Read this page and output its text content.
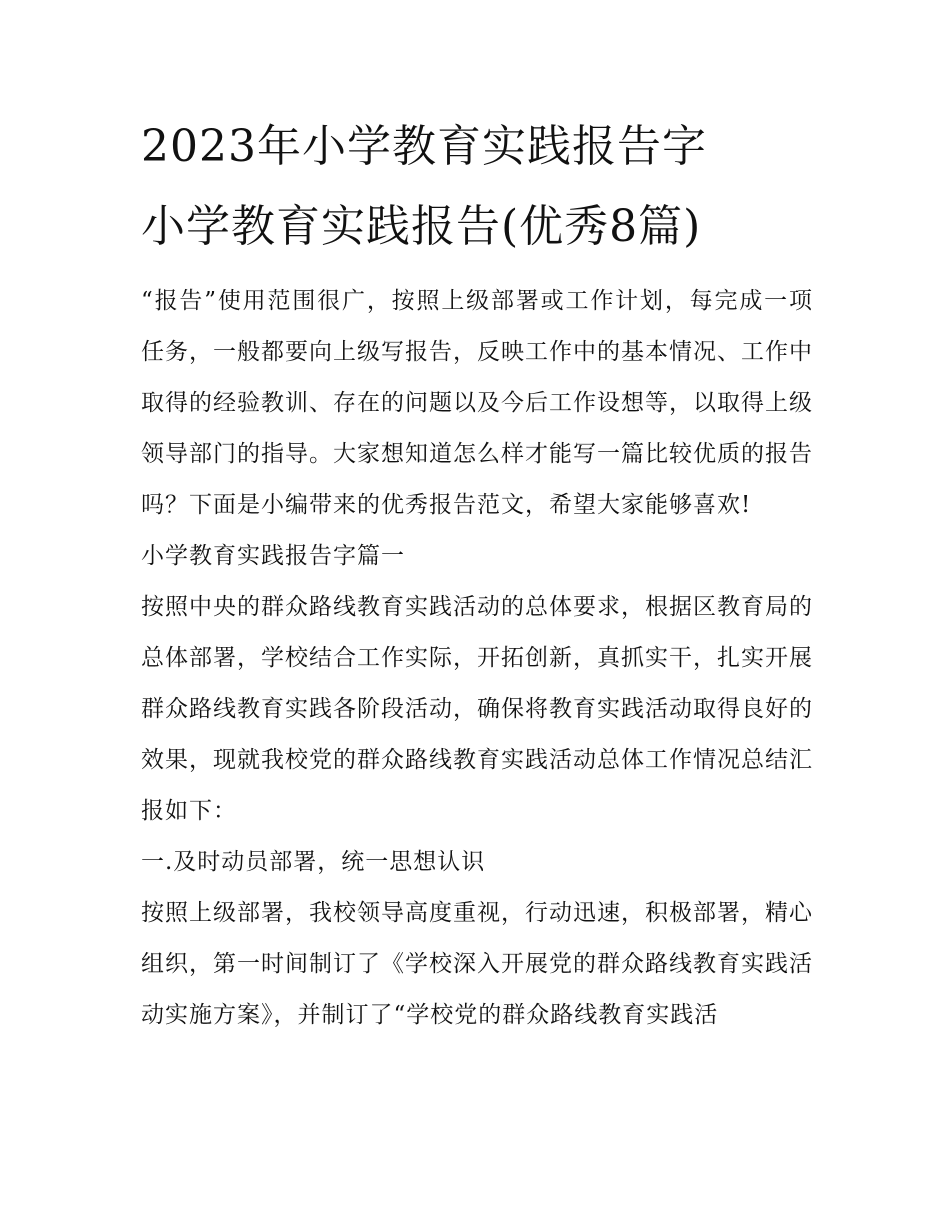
2023年小学教育实践报告字
小学教育实践报告(优秀8篇)

“报告”使用范围很广，按照上级部署或工作计划，每完成一项任务，一般都要向上级写报告，反映工作中的基本情况、工作中取得的经验教训、存在的问题以及今后工作设想等，以取得上级领导部门的指导。大家想知道怎么样才能写一篇比较优质的报告吗？下面是小编带来的优秀报告范文，希望大家能够喜欢!

小学教育实践报告字篇一

按照中央的群众路线教育实践活动的总体要求，根据区教育局的总体部署，学校结合工作实际，开拓创新，真抓实干，扎实开展群众路线教育实践各阶段活动，确保将教育实践活动取得良好的效果，现就我校党的群众路线教育实践活动总体工作情况总结汇报如下：

一.及时动员部署，统一思想认识

按照上级部署，我校领导高度重视，行动迅速，积极部署，精心组织，第一时间制订了《学校深入开展党的群众路线教育实践活动实施方案》，并制订了“学校党的群众路线教育实践活
